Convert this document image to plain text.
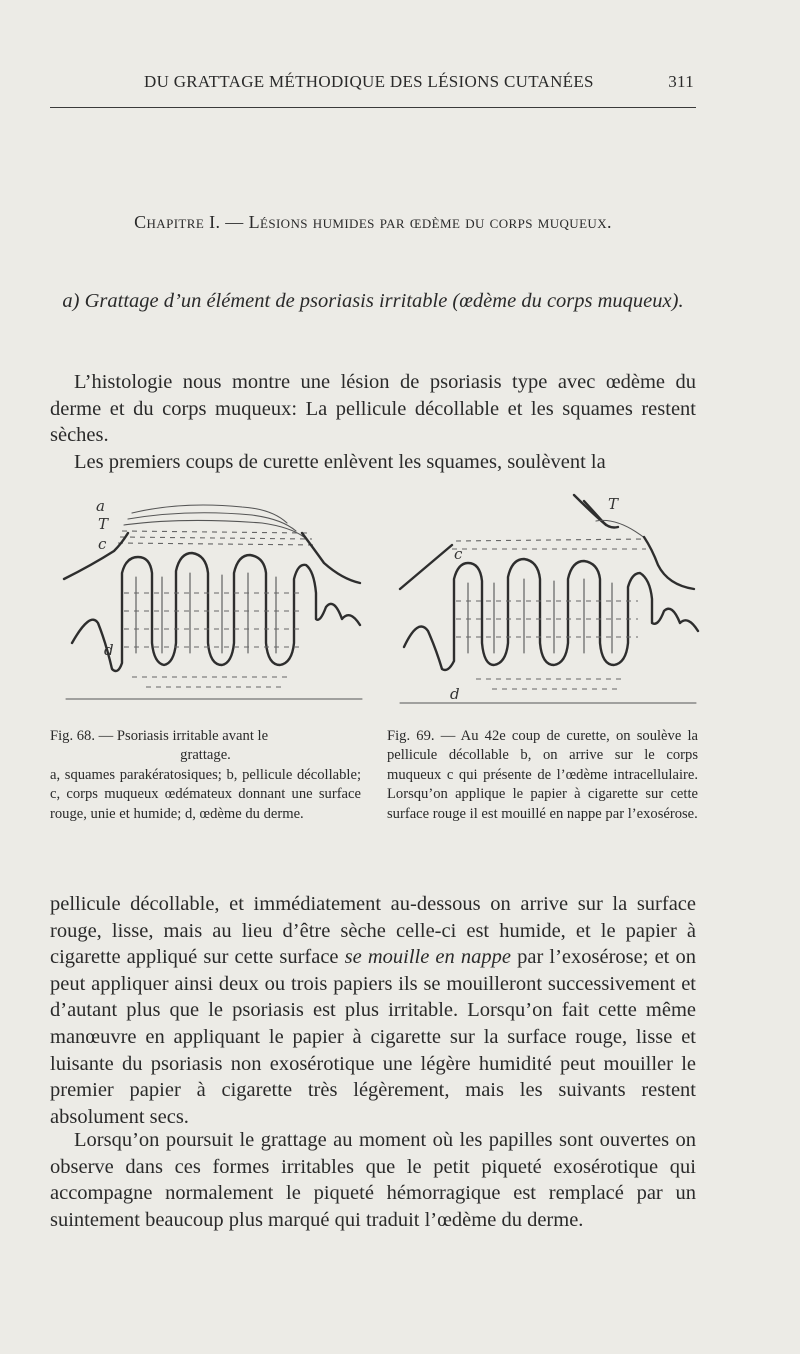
DU GRATTAGE MÉTHODIQUE DES LÉSIONS CUTANÉES	311
Chapitre I. — Lésions humides par œdème du corps muqueux.
a) Grattage d’un élément de psoriasis irritable (œdème du corps muqueux).

L’histologie nous montre une lésion de psoriasis type avec œdème du derme et du corps muqueux: La pellicule décollable et les squames restent sèches.

Les premiers coups de curette enlèvent les squames, soulèvent la

a
T
c
d
T
c
d
Fig. 68. — Psoriasis irritable avant le
grattage.
a, squames parakératosiques; b, pellicule décollable; c, corps muqueux œdémateux donnant une surface rouge, unie et humide; d, œdème du derme.
Fig. 69. — Au 42e coup de curette, on soulève la pellicule décollable b, on arrive sur le corps muqueux c qui présente de l’œdème intracellulaire. Lorsqu’on applique le papier à cigarette sur cette surface rouge il est mouillé en nappe par l’exosérose.

pellicule décollable, et immédiatement au-dessous on arrive sur la surface rouge, lisse, mais au lieu d’être sèche celle-ci est humide, et le papier à cigarette appliqué sur cette surface se mouille en nappe par l’exosérose; et on peut appliquer ainsi deux ou trois papiers ils se mouilleront successivement et d’autant plus que le psoriasis est plus irritable. Lorsqu’on fait cette même manœuvre en appliquant le papier à cigarette sur la surface rouge, lisse et luisante du psoriasis non exosérotique une légère humidité peut mouiller le premier papier à cigarette très légèrement, mais les suivants restent absolument secs.

Lorsqu’on poursuit le grattage au moment où les papilles sont ouvertes on observe dans ces formes irritables que le petit piqueté exosérotique qui accompagne normalement le piqueté hémorragique est remplacé par un suintement beaucoup plus marqué qui traduit l’œdème du derme.
